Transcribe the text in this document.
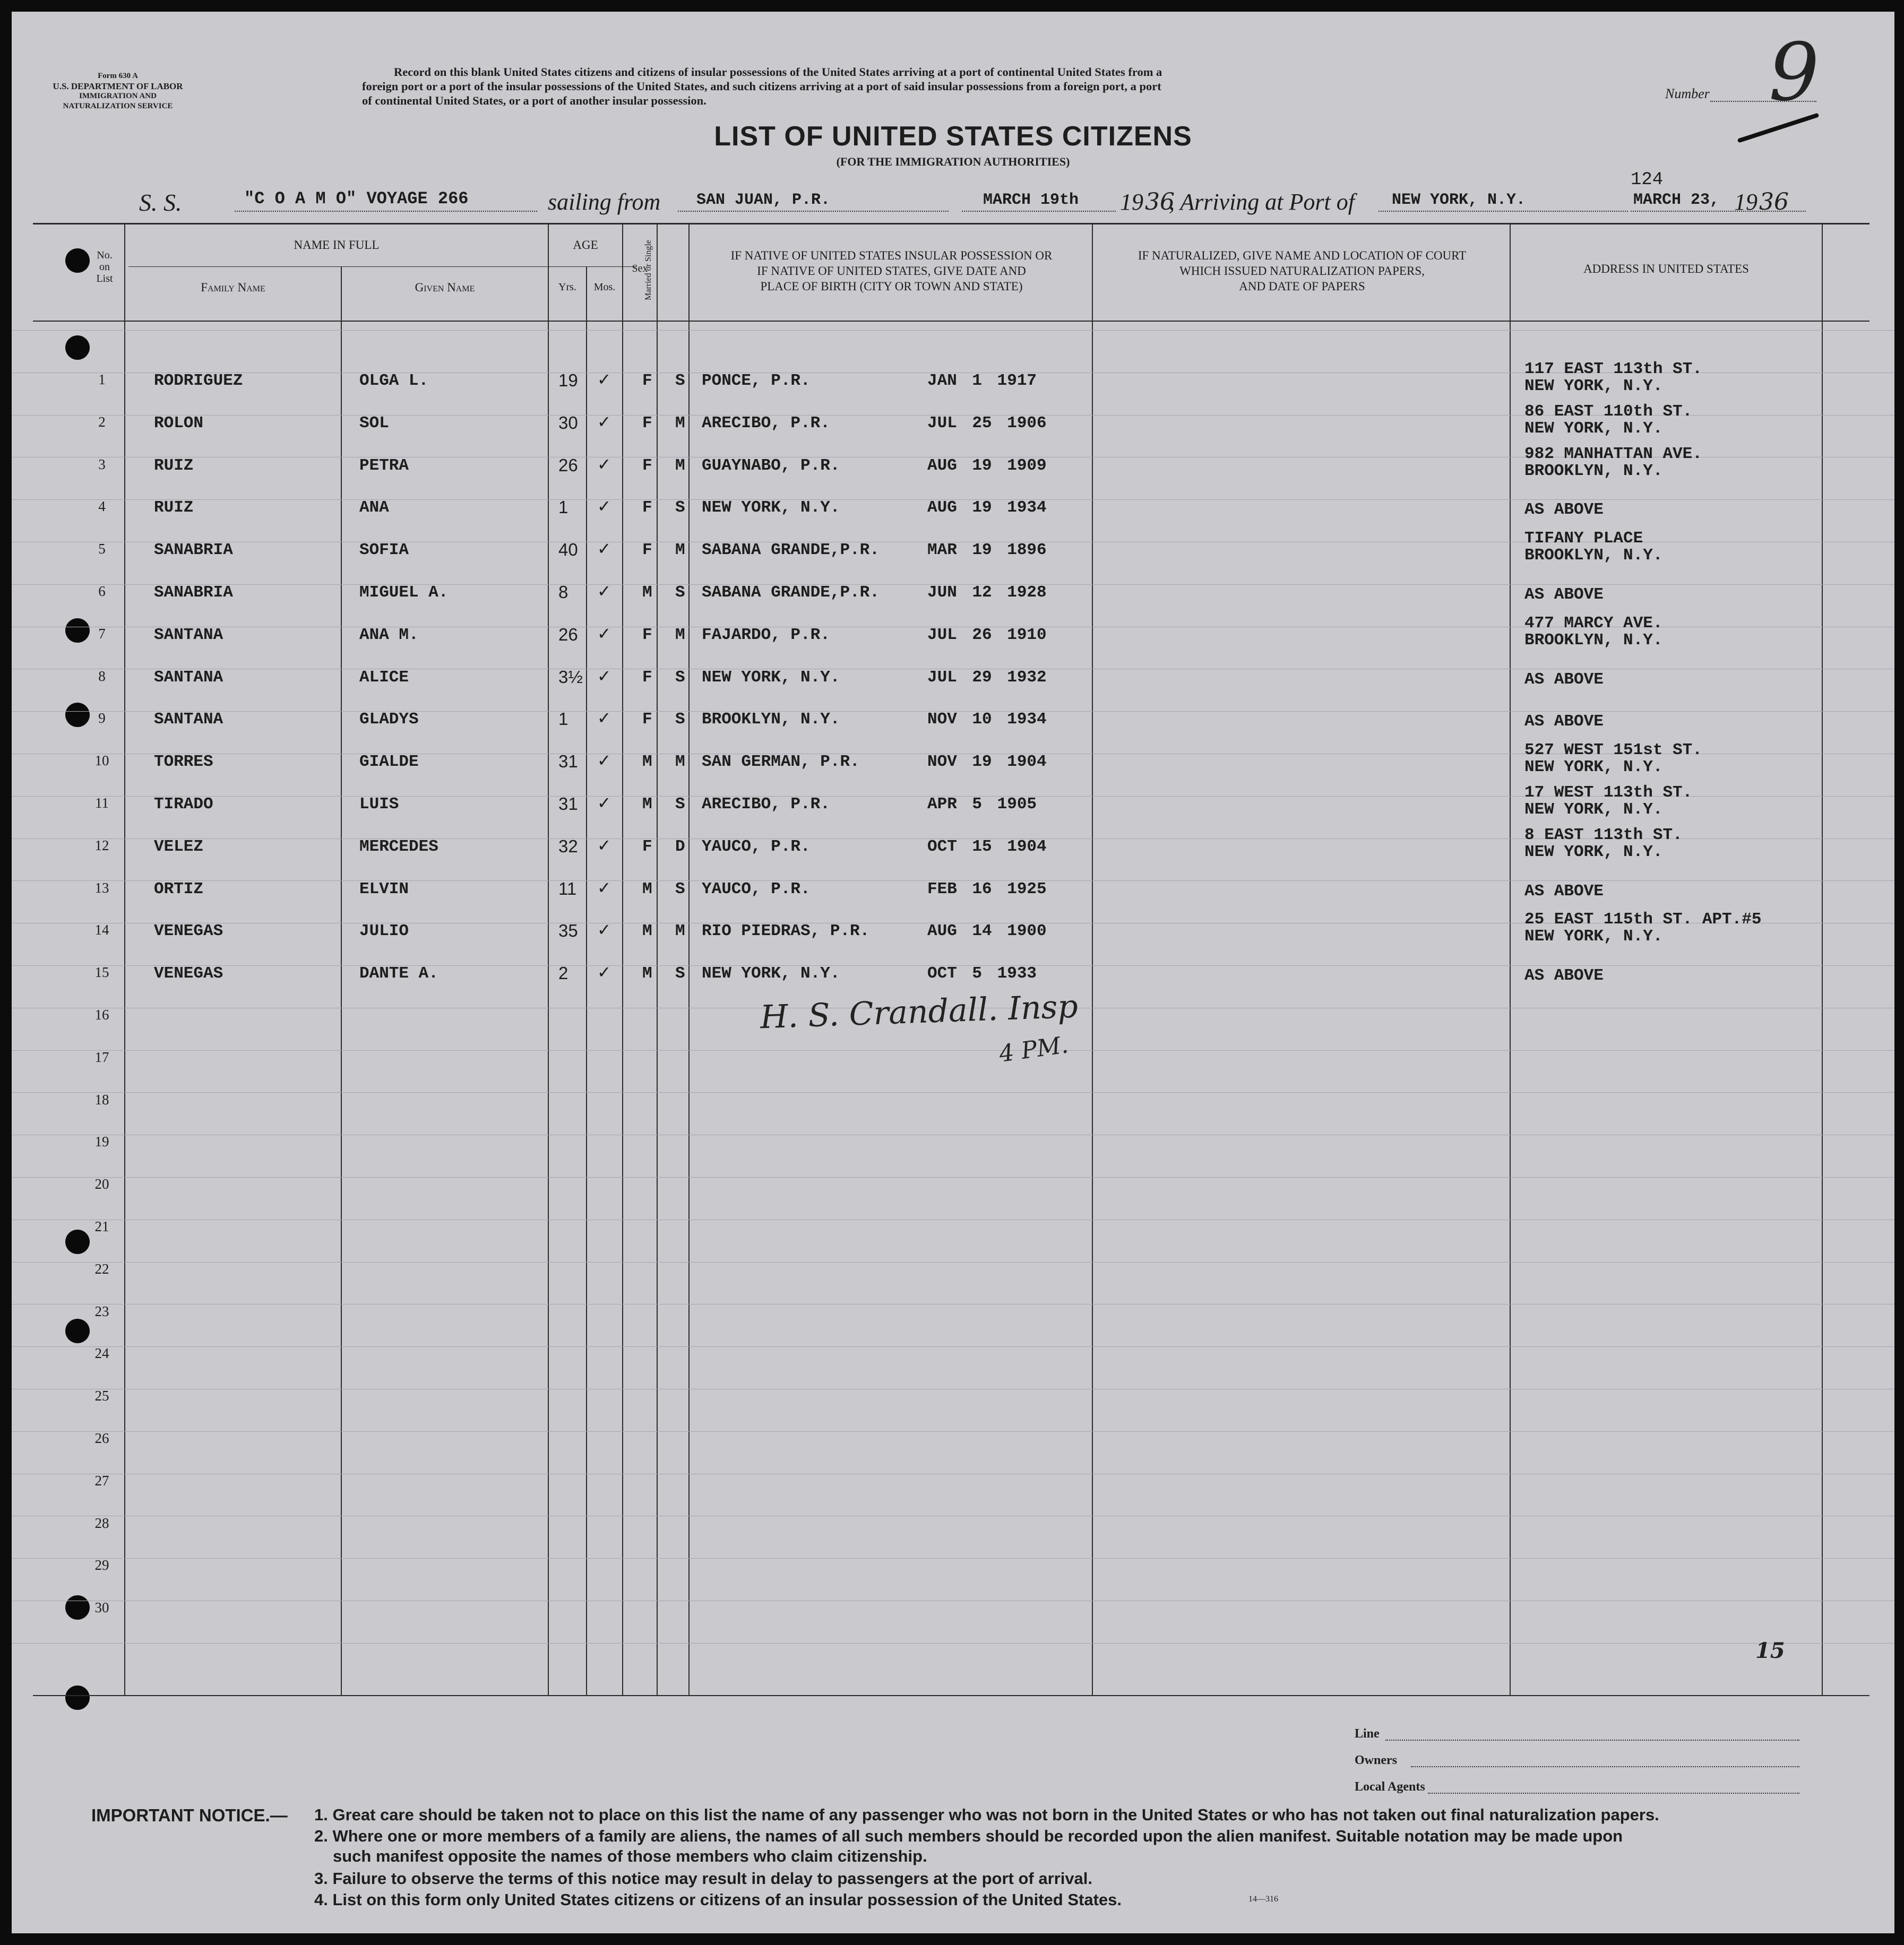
Form 630 A
U.S. DEPARTMENT OF LABOR
IMMIGRATION AND
NATURALIZATION SERVICE
Record on this blank United States citizens and citizens of insular possessions of the United States arriving at a port of continental United States from a
foreign port or a port of the insular possessions of the United States, and such citizens arriving at a port of said insular possessions from a foreign port, a port
of continental United States, or a port of another insular possession.	Number 9
LIST OF UNITED STATES CITIZENS
(FOR THE IMMIGRATION AUTHORITIES)
S. S.	"C O A M O" VOYAGE 266	sailing from SAN JUAN, P.R.	MARCH 19th 19 36
, Arriving at Port of NEW YORK, N.Y.
124
MARCH 23, 19 36
No.
on
List
NAME IN FULL
Family Name	Given Name
AGE
Yrs.	Mos.
Sex
Married or Single	IF NATIVE OF UNITED STATES INSULAR POSSESSION OR
IF NATIVE OF UNITED STATES, GIVE DATE AND
PLACE OF BIRTH (CITY OR TOWN AND STATE)
IF NATURALIZED, GIVE NAME AND LOCATION OF COURT
WHICH ISSUED NATURALIZATION PAPERS,
AND DATE OF PAPERS
ADDRESS IN UNITED STATES
1	RODRIGUEZ	OLGA L.	19 ✓ F S PONCE, P.R.	JAN 1 1917
117 EAST 113th ST.
NEW YORK, N.Y.
2	ROLON	SOL	30 ✓ F M ARECIBO, P.R.	JUL 25 1906
86 EAST 110th ST.
NEW YORK, N.Y.
3	RUIZ	PETRA	26 ✓ F M GUAYNABO, P.R.	AUG 19 1909
982 MANHATTAN AVE.
BROOKLYN, N.Y.
4	RUIZ	ANA	1 ✓ F S NEW YORK, N.Y.	AUG 19 1934	AS ABOVE
5	SANABRIA	SOFIA	40 ✓ F M SABANA GRANDE,P.R.	MAR 19 1896
TIFANY PLACE
BROOKLYN, N.Y.
6	SANABRIA	MIGUEL A.	8 ✓ M S SABANA GRANDE,P.R.	JUN 12 1928	AS ABOVE
7	SANTANA	ANA M.	26 ✓ F M FAJARDO, P.R.	JUL 26 1910
477 MARCY AVE.
BROOKLYN, N.Y.
8	SANTANA	ALICE	3½ ✓ F S NEW YORK, N.Y.	JUL 29 1932	AS ABOVE
9	SANTANA	GLADYS	1 ✓ F S BROOKLYN, N.Y.	NOV 10 1934	AS ABOVE
10	TORRES	GIALDE	31 ✓ M M SAN GERMAN, P.R.	NOV 19 1904
527 WEST 151st ST.
NEW YORK, N.Y.
11	TIRADO	LUIS	31 ✓ M S ARECIBO, P.R.	APR 5 1905
17 WEST 113th ST.
NEW YORK, N.Y.
12	VELEZ	MERCEDES	32 ✓ F D YAUCO, P.R.	OCT 15 1904
8 EAST 113th ST.
NEW YORK, N.Y.
13	ORTIZ	ELVIN	11 ✓ M S YAUCO, P.R.	FEB 16 1925	AS ABOVE
14	VENEGAS	JULIO	35 ✓ M M RIO PIEDRAS, P.R.	AUG 14 1900
25 EAST 115th ST. APT.#5
NEW YORK, N.Y.
15	VENEGAS	DANTE A.	2 ✓ M S NEW YORK, N.Y.	OCT 5 1933	AS ABOVE
16
17
18
19
20
21
22
23
24
25
26
27
28
29
30
H. S. Crandall. Insp
4 PM.
15
Line
Owners
Local Agents
IMPORTANT NOTICE.— 1. Great care should be taken not to place on this list the name of any passenger who was not born in the United States or who has not taken out final naturalization papers.
2. Where one or more members of a family are aliens, the names of all such members should be recorded upon the alien manifest. Suitable notation may be made upon
such manifest opposite the names of those members who claim citizenship.
3. Failure to observe the terms of this notice may result in delay to passengers at the port of arrival.
4. List on this form only United States citizens or citizens of an insular possession of the United States.	14—316
